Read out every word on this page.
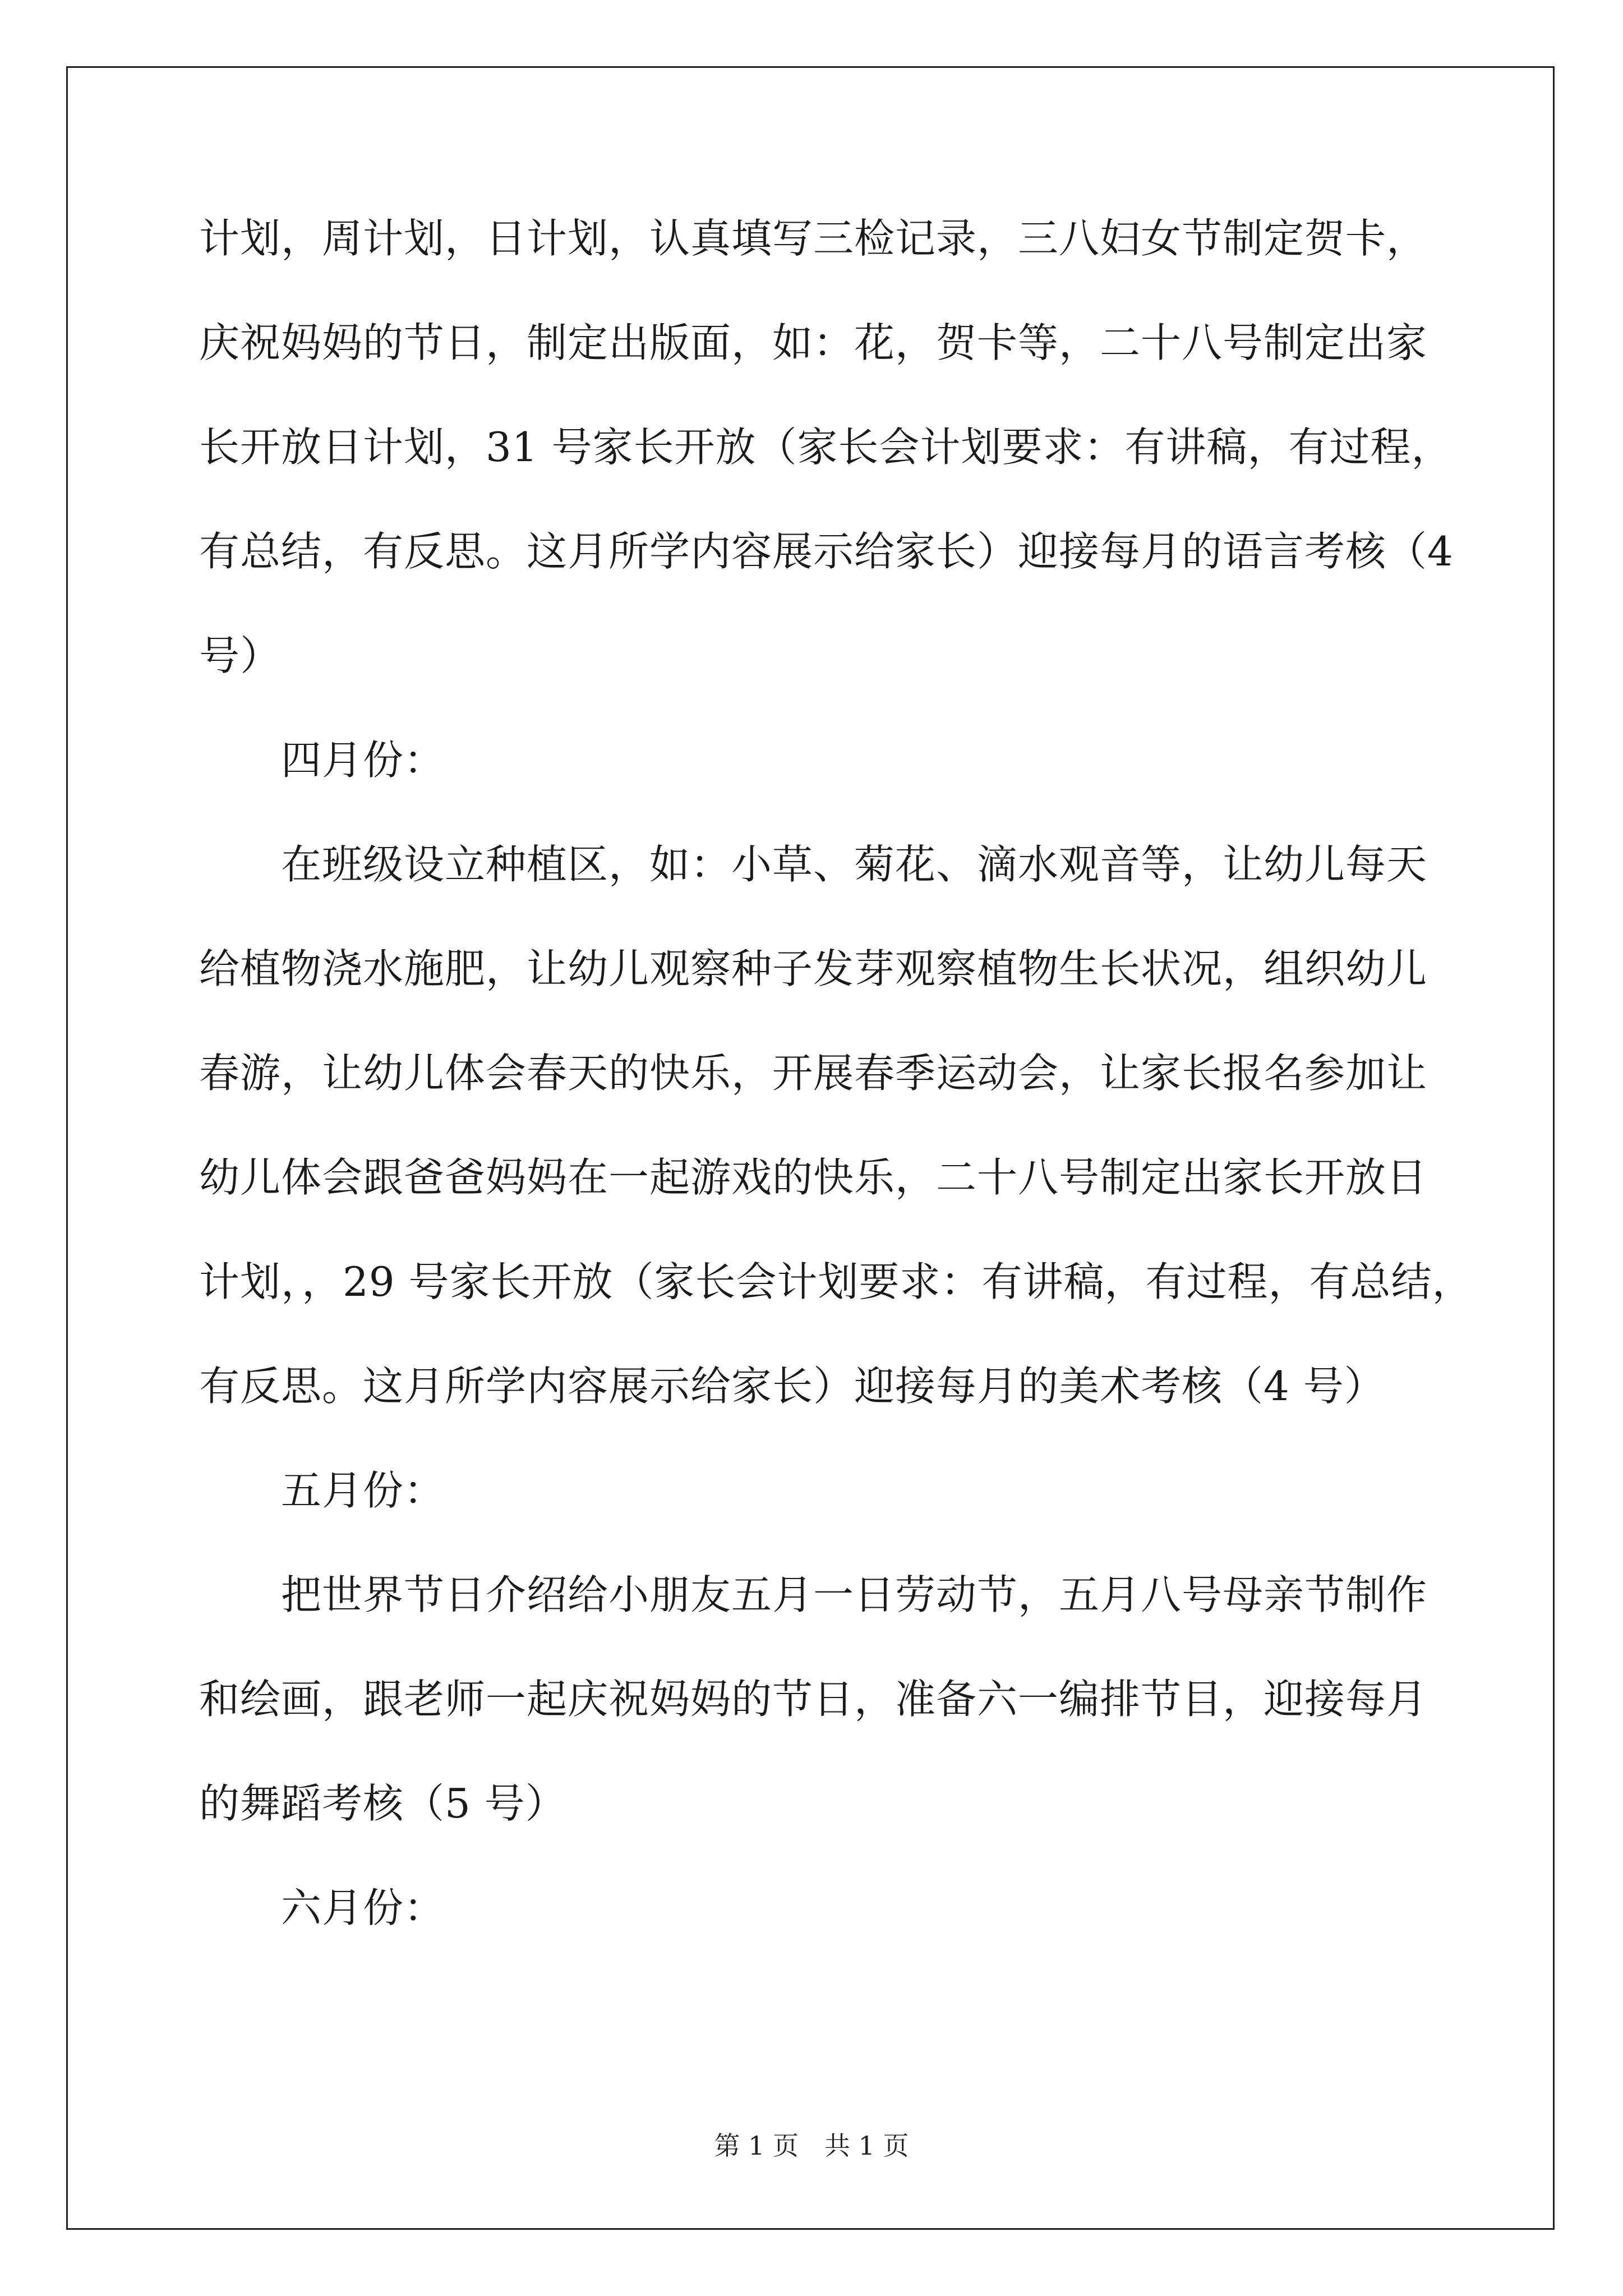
计划，周计划，日计划，认真填写三检记录，三八妇女节制定贺卡，
庆祝妈妈的节日，制定出版面，如：花，贺卡等，二十八号制定出家
长开放日计划，31 号家长开放（家长会计划要求：有讲稿，有过程，
有总结，有反思。这月所学内容展示给家长）迎接每月的语言考核（4
号）
四月份：
在班级设立种植区，如：小草、菊花、滴水观音等，让幼儿每天
给植物浇水施肥，让幼儿观察种子发芽观察植物生长状况，组织幼儿
春游，让幼儿体会春天的快乐，开展春季运动会，让家长报名参加让
幼儿体会跟爸爸妈妈在一起游戏的快乐，二十八号制定出家长开放日
计划，，29 号家长开放（家长会计划要求：有讲稿，有过程，有总结，
有反思。这月所学内容展示给家长）迎接每月的美术考核（4 号）
五月份：
把世界节日介绍给小朋友五月一日劳动节，五月八号母亲节制作
和绘画，跟老师一起庆祝妈妈的节日，准备六一编排节目，迎接每月
的舞蹈考核（5 号）
六月份：
第 1 页　共 1 页
